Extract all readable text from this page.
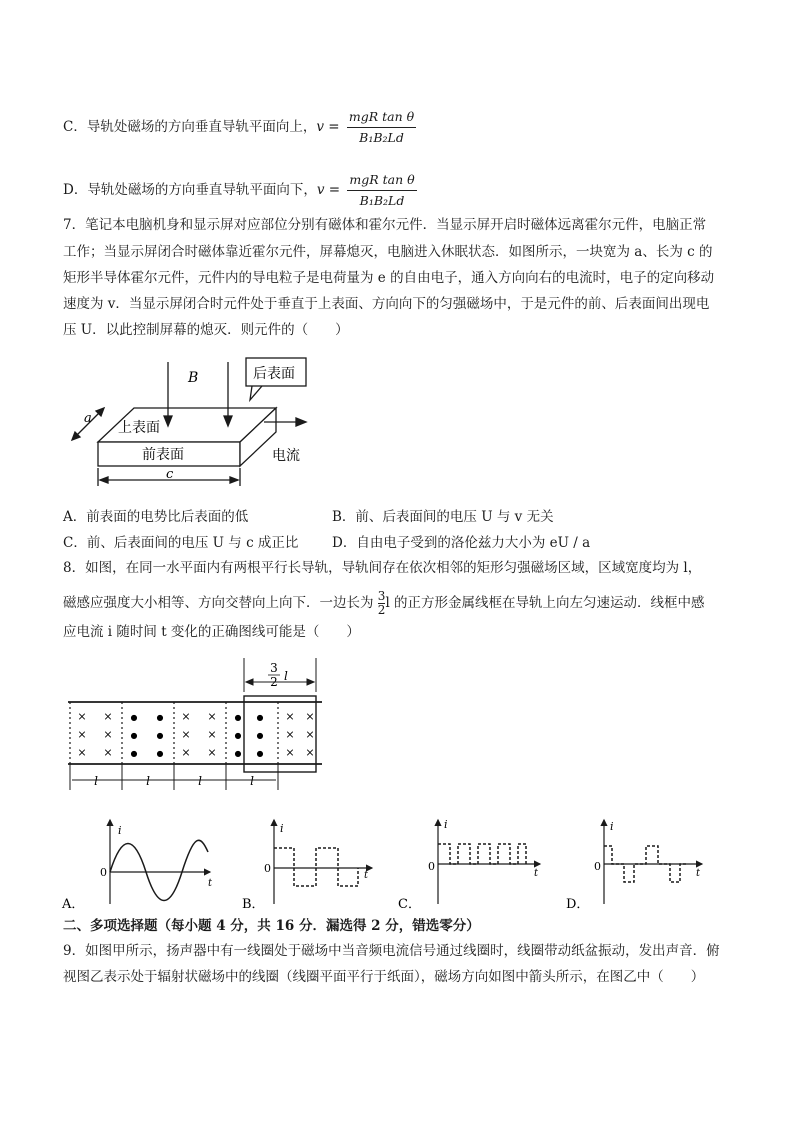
C．导轨处磁场的方向垂直导轨平面向上，$v = \frac{\text{mgR tan θ}}{\text{B₁B₂Ld}}$
D．导轨处磁场的方向垂直导轨平面向下，$v = \frac{\text{mgR tan θ}}{\text{B₁B₂Ld}}$
7．笔记本电脑机身和显示屏对应部位分别有磁体和霍尔元件．当显示屏开启时磁体远离霍尔元件，电脑正常
工作；当显示屏闭合时磁体靠近霍尔元件，屏幕熄灭，电脑进入休眠状态．如图所示，一块宽为 a、长为 c 的
矩形半导体霍尔元件，元件内的导电粒子是电荷量为 e 的自由电子，通入方向向右的电流时，电子的定向移动
速度为 v．当显示屏闭合时元件处于垂直于上表面、方向向下的匀强磁场中，于是元件的前、后表面间出现电
压 U．以此控制屏幕的熄灭．则元件的（　　）
B	后表面
上表面
前表面	电流
a
c
A．前表面的电势比后表面的低	B．前、后表面间的电压 U 与 v 无关
C．前、后表面间的电压 U 与 c 成正比 D．自由电子受到的洛伦兹力大小为 eU / a
8．如图，在同一水平面内有两根平行长导轨，导轨间存在依次相邻的矩形匀强磁场区域，区域宽度均为 l，
磁感应强度大小相等、方向交替向上向下．一边长为 $\frac{3}{2}$ l 的正方形金属线框在导轨上向左匀速运动．线框中感
应电流 i 随时间 t 变化的正确图线可能是（　　）
3
2 l
× ×
× ×
× ×
● ●
● ●
● ●
× ×
× ×
× ×
● ●
● ●
● ●
× ×
× ×
× ×
l	l	l	l
i
t
0
A．
i
t
0
B．
i
t
0
C．
i
t
0
D．
二、多项选择题（每小题 4 分，共 16 分．漏选得 2 分，错选零分）
9．如图甲所示，扬声器中有一线圈处于磁场中当音频电流信号通过线圈时，线圈带动纸盆振动，发出声音．俯
视图乙表示处于辐射状磁场中的线圈（线圈平面平行于纸面），磁场方向如图中箭头所示，在图乙中（　　）
